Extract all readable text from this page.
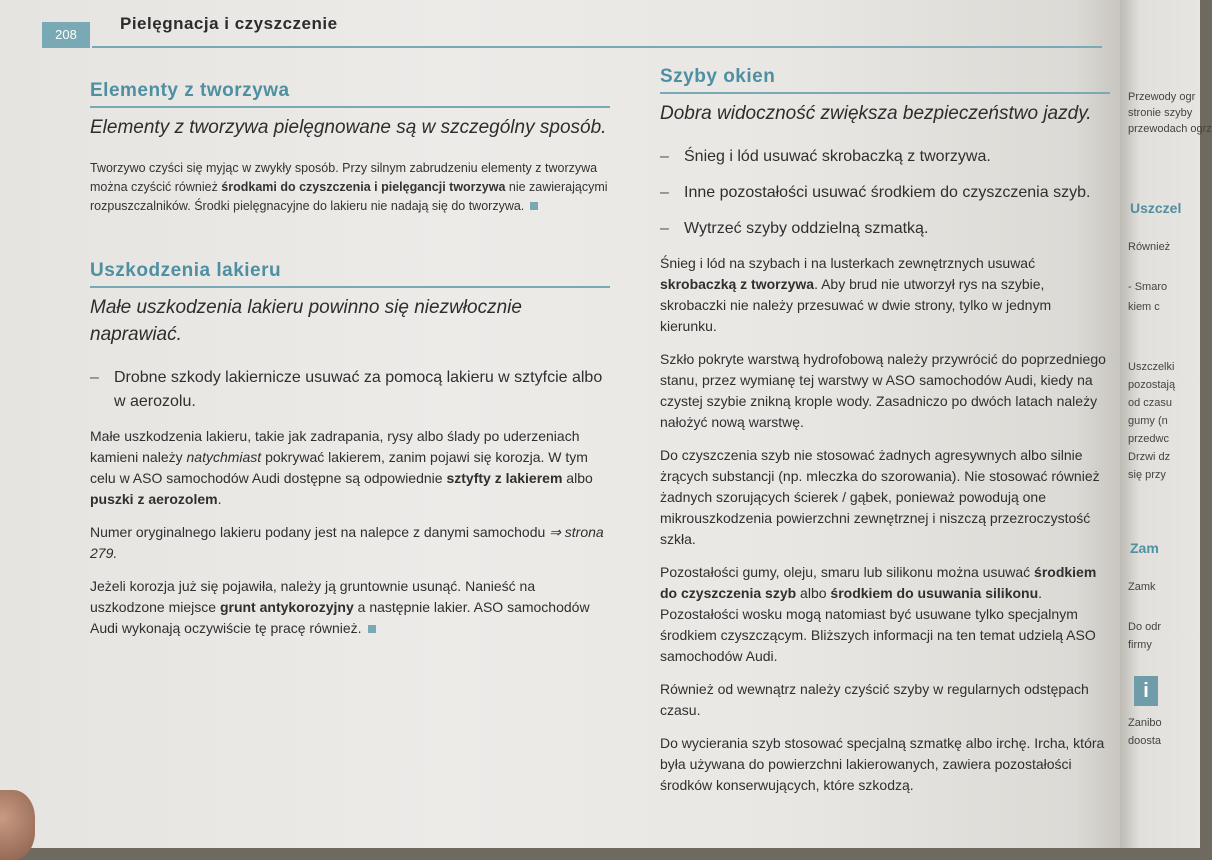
208
Pielęgnacja i czyszczenie
Elementy z tworzywa
Elementy z tworzywa pielęgnowane są w szczególny sposób.

Tworzywo czyści się myjąc w zwykły sposób. Przy silnym zabrudzeniu elementy z tworzywa można czyścić również środkami do czyszczenia i pielęgancji tworzywa nie zawierającymi rozpuszczalników. Środki pielęgnacyjne do lakieru nie nadają się do tworzywa.

Uszkodzenia lakieru
Małe uszkodzenia lakieru powinno się niezwłocznie naprawiać.
– Drobne szkody lakiernicze usuwać za pomocą lakieru w sztyfcie albo w aerozolu.

Małe uszkodzenia lakieru, takie jak zadrapania, rysy albo ślady po uderzeniach kamieni należy natychmiast pokrywać lakierem, zanim pojawi się korozja. W tym celu w ASO samochodów Audi dostępne są odpowiednie sztyfty z lakierem albo puszki z aerozolem.

Numer oryginalnego lakieru podany jest na nalepce z danymi samochodu ⇒ strona 279.

Jeżeli korozja już się pojawiła, należy ją gruntownie usunąć. Nanieść na uszkodzone miejsce grunt antykorozyjny a następnie lakier. ASO samochodów Audi wykonają oczywiście tę pracę również.

Szyby okien
Dobra widoczność zwiększa bezpieczeństwo jazdy.
– Śnieg i lód usuwać skrobaczką z tworzywa.
– Inne pozostałości usuwać środkiem do czyszczenia szyb.
– Wytrzeć szyby oddzielną szmatką.

Śnieg i lód na szybach i na lusterkach zewnętrznych usuwać skrobaczką z tworzywa. Aby brud nie utworzył rys na szybie, skrobaczki nie należy przesuwać w dwie strony, tylko w jednym kierunku.

Szkło pokryte warstwą hydrofobową należy przywrócić do poprzedniego stanu, przez wymianę tej warstwy w ASO samochodów Audi, kiedy na czystej szybie znikną krople wody. Zasadniczo po dwóch latach należy nałożyć nową warstwę.

Do czyszczenia szyb nie stosować żadnych agresywnych albo silnie żrących substancji (np. mleczka do szorowania). Nie stosować również żadnych szorujących ścierek / gąbek, ponieważ powodują one mikrouszkodzenia powierzchni zewnętrznej i niszczą przezroczystość szkła.

Pozostałości gumy, oleju, smaru lub silikonu można usuwać środkiem do czyszczenia szyb albo środkiem do usuwania silikonu. Pozostałości wosku mogą natomiast być usuwane tylko specjalnym środkiem czyszczącym. Bliższych informacji na ten temat udzielą ASO samochodów Audi.

Również od wewnątrz należy czyścić szyby w regularnych odstępach czasu.

Do wycierania szyb stosować specjalną szmatkę albo irchę. Ircha, która była używana do powierzchni lakierowanych, zawiera pozostałości środków konserwujących, które szkodzą.

Przewody ogr
stronie szyby
przewodach ogrz
Uszczel
Również
- Smaro
kiem c
Uszczelki
pozostają
od czasu
gumy (n
przedwc
Drzwi dz
się przy
Zam
Zamk
Do odr
firmy
i
Zanibo
doosta
